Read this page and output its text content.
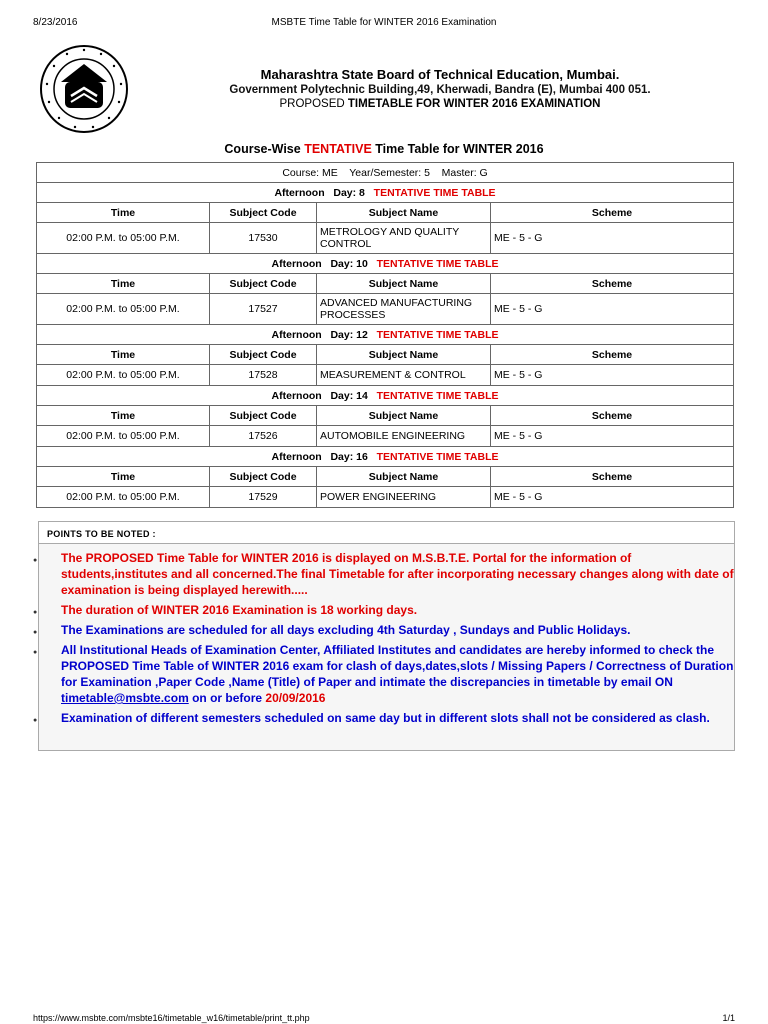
8/23/2016	MSBTE Time Table for WINTER 2016 Examination
Maharashtra State Board of Technical Education, Mumbai.
Government Polytechnic Building,49, Kherwadi, Bandra (E), Mumbai 400 051.
PROPOSED TIMETABLE FOR WINTER 2016 EXAMINATION
Course-Wise TENTATIVE Time Table for WINTER 2016
Course: ME    Year/Semester: 5    Master: G			
Afternoon   Day: 8 TENTATIVE TIME TABLE			
Time	Subject Code	Subject Name	Scheme
02:00 P.M. to 05:00 P.M.	17530	METROLOGY AND QUALITY CONTROL	ME - 5 - G
Afternoon   Day: 10 TENTATIVE TIME TABLE			
Time	Subject Code	Subject Name	Scheme
02:00 P.M. to 05:00 P.M.	17527	ADVANCED MANUFACTURING PROCESSES	ME - 5 - G
Afternoon   Day: 12 TENTATIVE TIME TABLE			
Time	Subject Code	Subject Name	Scheme
02:00 P.M. to 05:00 P.M.	17528	MEASUREMENT & CONTROL	ME - 5 - G
Afternoon   Day: 14 TENTATIVE TIME TABLE			
Time	Subject Code	Subject Name	Scheme
02:00 P.M. to 05:00 P.M.	17526	AUTOMOBILE ENGINEERING	ME - 5 - G
Afternoon   Day: 16 TENTATIVE TIME TABLE			
Time	Subject Code	Subject Name	Scheme
02:00 P.M. to 05:00 P.M.	17529	POWER ENGINEERING	ME - 5 - G
POINTS TO BE NOTED :
● The PROPOSED Time Table for WINTER 2016 is displayed on M.S.B.T.E. Portal for the information of students,institutes and all concerned.The final Timetable for after incorporating necessary changes along with date of examination is being displayed herewith.....
● The duration of WINTER 2016 Examination is 18 working days.
● The Examinations are scheduled for all days excluding 4th Saturday , Sundays and Public Holidays.
● All Institutional Heads of Examination Center, Affiliated Institutes and candidates are hereby informed to check the PROPOSED Time Table of WINTER 2016 exam for clash of days,dates,slots / Missing Papers / Correctness of Duration for Examination ,Paper Code ,Name (Title) of Paper and intimate the discrepancies in timetable by email ON timetable@msbte.com on or before 20/09/2016
● Examination of different semesters scheduled on same day but in different slots shall not be considered as clash.
https://www.msbte.com/msbte16/timetable_w16/timetable/print_tt.php	1/1
